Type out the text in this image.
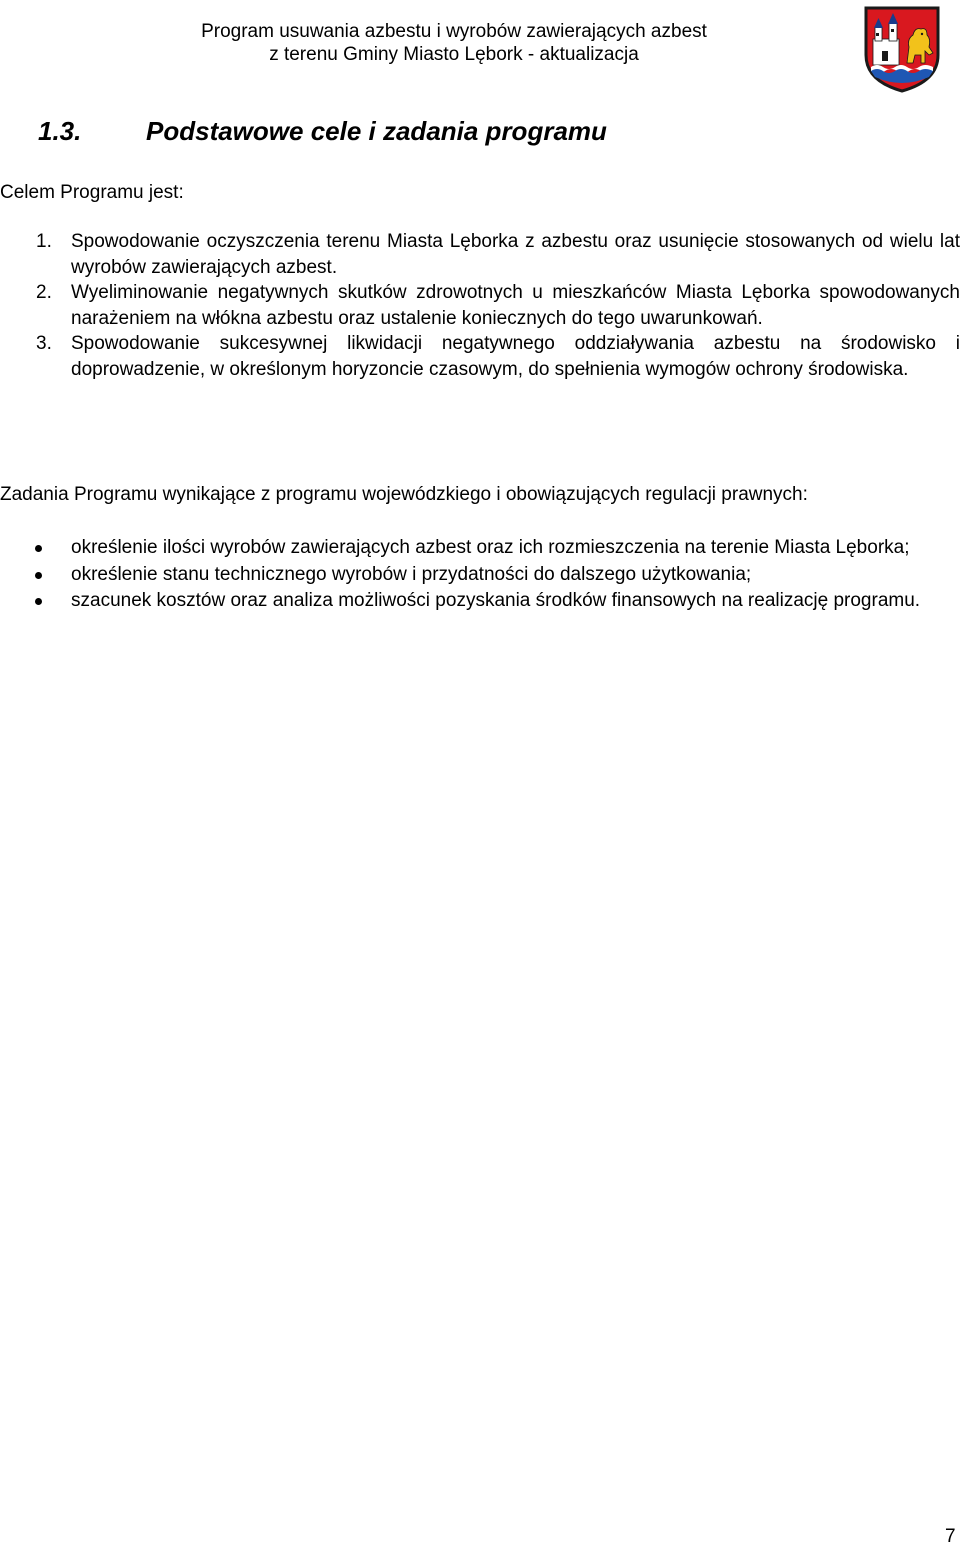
Program usuwania azbestu i wyrobów zawierających azbest
z terenu Gminy Miasto Lębork - aktualizacja
1.3. Podstawowe cele i zadania programu

Celem Programu jest:

1. Spowodowanie oczyszczenia terenu Miasta Lęborka z azbestu oraz usunięcie stosowanych od wielu lat wyrobów zawierających azbest.
2. Wyeliminowanie negatywnych skutków zdrowotnych u mieszkańców Miasta Lęborka spowodowanych narażeniem na włókna azbestu oraz ustalenie koniecznych do tego uwarunkowań.
3. Spowodowanie sukcesywnej likwidacji negatywnego oddziaływania azbestu na środowisko i doprowadzenie, w określonym horyzoncie czasowym, do spełnienia wymogów ochrony środowiska.

Zadania Programu wynikające z programu wojewódzkiego i obowiązujących regulacji prawnych:

określenie ilości wyrobów zawierających azbest oraz ich rozmieszczenia na terenie Miasta Lęborka;
określenie stanu technicznego wyrobów i przydatności do dalszego użytkowania;
szacunek kosztów oraz analiza możliwości pozyskania środków finansowych na realizację programu.
7
